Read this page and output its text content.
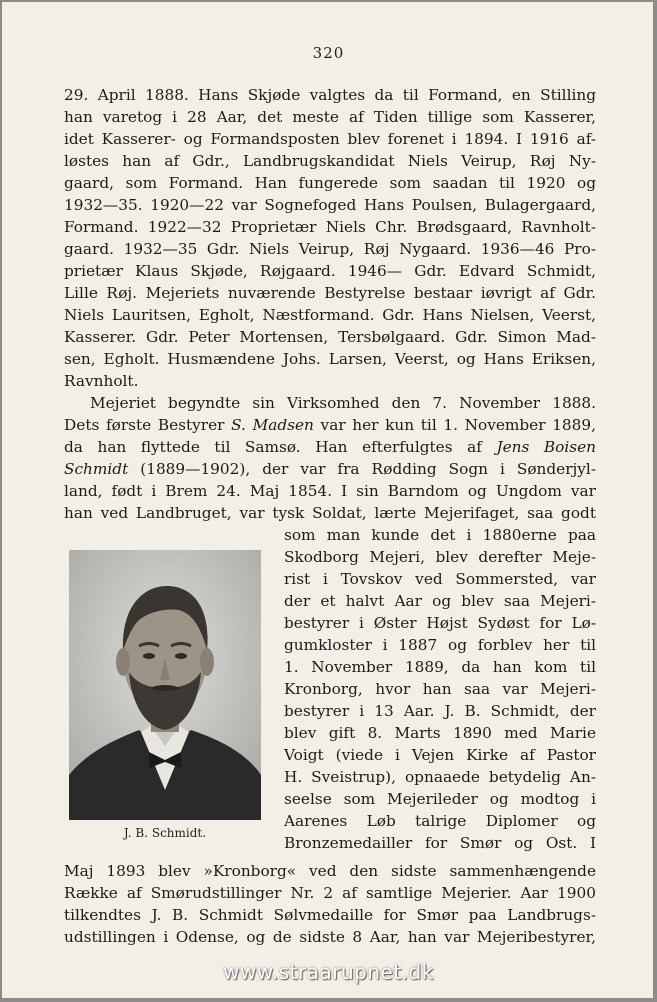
320
29. April 1888. Hans Skjøde valgtes da til Formand, en Stilling
han varetog i 28 Aar, det meste af Tiden tillige som Kasserer,
idet Kasserer- og Formandsposten blev forenet i 1894. I 1916 af-
løstes han af Gdr., Landbrugskandidat Niels Veirup, Røj Ny-
gaard, som Formand. Han fungerede som saadan til 1920 og
1932—35. 1920—22 var Sognefoged Hans Poulsen, Bulagergaard,
Formand. 1922—32 Proprietær Niels Chr. Brødsgaard, Ravnholt-
gaard. 1932—35 Gdr. Niels Veirup, Røj Nygaard. 1936—46 Pro-
prietær Klaus Skjøde, Røjgaard. 1946— Gdr. Edvard Schmidt,
Lille Røj. Mejeriets nuværende Bestyrelse bestaar iøvrigt af Gdr.
Niels Lauritsen, Egholt, Næstformand. Gdr. Hans Nielsen, Veerst,
Kasserer. Gdr. Peter Mortensen, Tersbølgaard. Gdr. Simon Mad-
sen, Egholt. Husmændene Johs. Larsen, Veerst, og Hans Eriksen,
Ravnholt.
Mejeriet begyndte sin Virksomhed den 7. November 1888.
Dets første Bestyrer S. Madsen var her kun til 1. November 1889,
da han flyttede til Samsø. Han efterfulgtes af Jens Boisen
Schmidt (1889—1902), der var fra Rødding Sogn i Sønderjyl-
land, født i Brem 24. Maj 1854. I sin Barndom og Ungdom var
han ved Landbruget, var tysk Soldat, lærte Mejerifaget, saa godt
J. B. Schmidt.
som man kunde det i 1880erne paa
Skodborg Mejeri, blev derefter Meje-
rist i Tovskov ved Sommersted, var
der et halvt Aar og blev saa Mejeri-
bestyrer i Øster Højst Sydøst for Lø-
gumkloster i 1887 og forblev her til
1. November 1889, da han kom til
Kronborg, hvor han saa var Mejeri-
bestyrer i 13 Aar. J. B. Schmidt, der
blev gift 8. Marts 1890 med Marie
Voigt (viede i Vejen Kirke af Pastor
H. Sveistrup), opnaaede betydelig An-
seelse som Mejerileder og modtog i
Aarenes Løb talrige Diplomer og
Bronzemedailler for Smør og Ost. I
Maj 1893 blev »Kronborg« ved den sidste sammenhængende
Række af Smørudstillinger Nr. 2 af samtlige Mejerier. Aar 1900
tilkendtes J. B. Schmidt Sølvmedaille for Smør paa Landbrugs-
udstillingen i Odense, og de sidste 8 Aar, han var Mejeribestyrer,
www.straarupnet.dk
